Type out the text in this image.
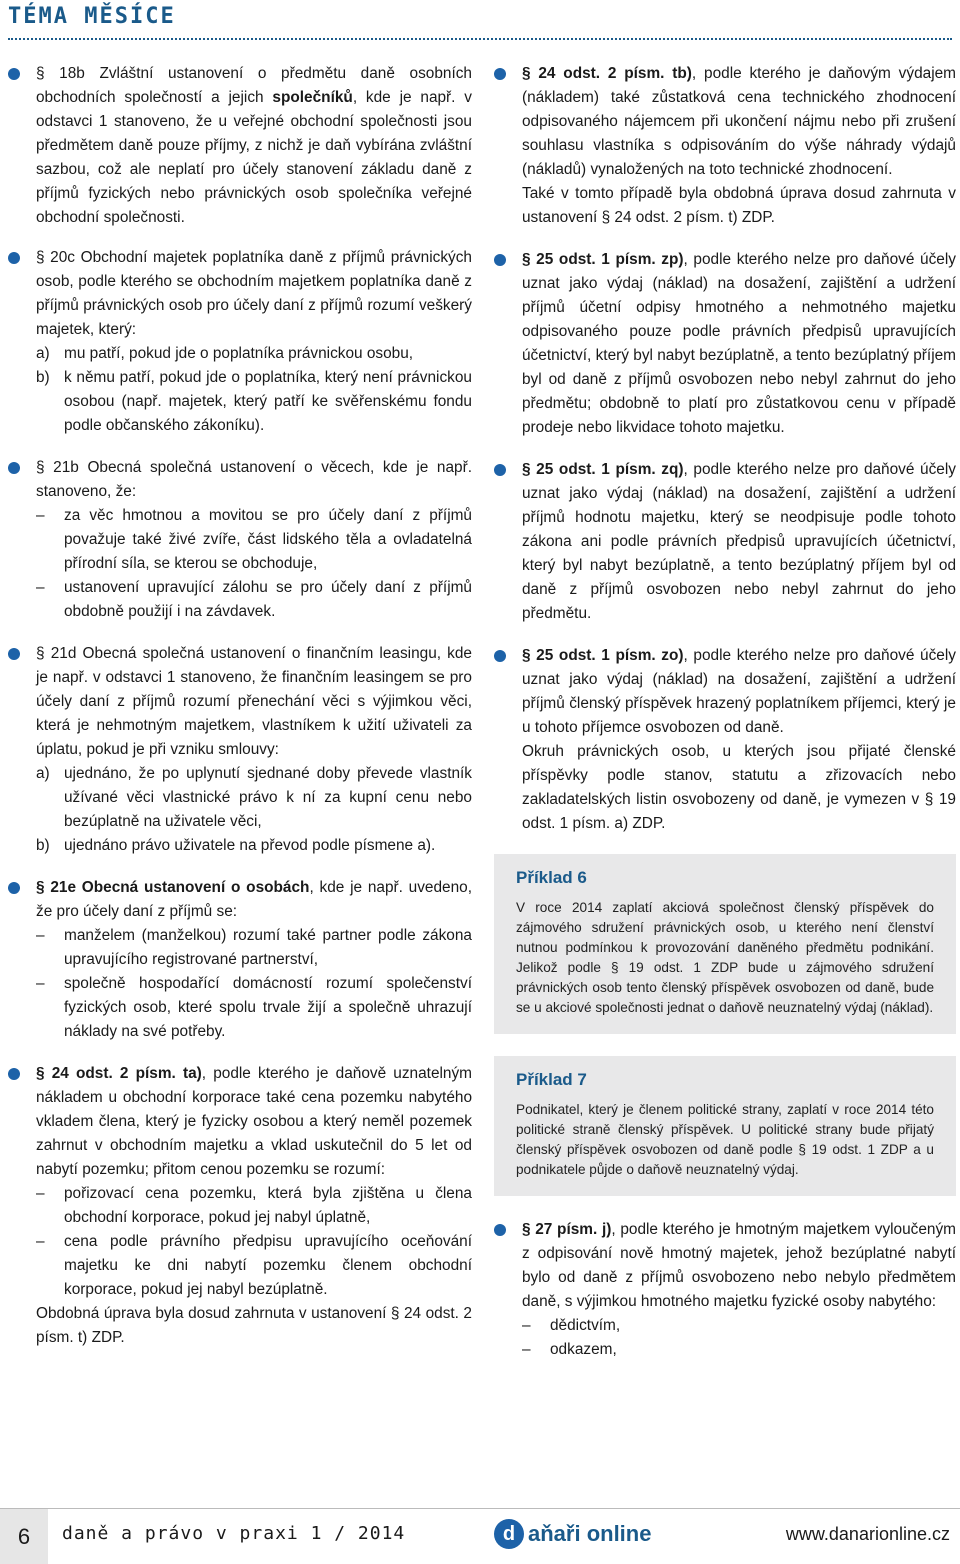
TÉMA MĚSÍCE

§ 18b Zvláštní ustanovení o předmětu daně osobních obchodních společností a jejich společníků, kde je např. v odstavci 1 stanoveno, že u veřejné obchodní společnosti jsou předmětem daně pouze příjmy, z nichž je daň vybírána zvláštní sazbou, což ale neplatí pro účely stanovení základu daně z příjmů fyzických nebo právnických osob společníka veřejné obchodní společnosti.

§ 20c Obchodní majetek poplatníka daně z příjmů právnických osob, podle kterého se obchodním majetkem poplatníka daně z příjmů právnických osob pro účely daní z příjmů rozumí veškerý majetek, který:

a) mu patří, pokud jde o poplatníka právnickou osobu,
b) k němu patří, pokud jde o poplatníka, který není právnickou osobou (např. majetek, který patří ke svěřenskému fondu podle občanského zákoníku).

§ 21b Obecná společná ustanovení o věcech, kde je např. stanoveno, že:

–	za věc hmotnou a movitou se pro účely daní z příjmů považuje také živé zvíře, část lidského těla a ovladatelná přírodní síla, se kterou se obchoduje,
–	ustanovení upravující zálohu se pro účely daní z příjmů obdobně použijí i na závdavek.

§ 21d Obecná společná ustanovení o finančním leasingu, kde je např. v odstavci 1 stanoveno, že finančním leasingem se pro účely daní z příjmů rozumí přenechání věci s výjimkou věci, která je nehmotným majetkem, vlastníkem k užití uživateli za úplatu, pokud je při vzniku smlouvy:

a) ujednáno, že po uplynutí sjednané doby převede vlastník užívané věci vlastnické právo k ní za kupní cenu nebo bezúplatně na uživatele věci,
b) ujednáno právo uživatele na převod podle písmene a).

§ 21e Obecná ustanovení o osobách, kde je např. uvedeno, že pro účely daní z příjmů se:

–	manželem (manželkou) rozumí také partner podle zákona upravujícího registrované partnerství,
–	společně hospodařící domácností rozumí společenství fyzických osob, které spolu trvale žijí a společně uhrazují náklady na své potřeby.

§ 24 odst. 2 písm. ta), podle kterého je daňově uznatelným nákladem u obchodní korporace také cena pozemku nabytého vkladem člena, který je fyzicky osobou a který neměl pozemek zahrnut v obchodním majetku a vklad uskutečnil do 5 let od nabytí pozemku; přitom cenou pozemku se rozumí:

–	pořizovací cena pozemku, která byla zjištěna u člena obchodní korporace, pokud jej nabyl úplatně,
–	cena podle právního předpisu upravujícího oceňování majetku ke dni nabytí pozemku členem obchodní korporace, pokud jej nabyl bezúplatně.

Obdobná úprava byla dosud zahrnuta v ustanovení § 24 odst. 2 písm. t) ZDP.

§ 24 odst. 2 písm. tb), podle kterého je daňovým výdajem (nákladem) také zůstatková cena technického zhodnocení odpisovaného nájemcem při ukončení nájmu nebo při zrušení souhlasu vlastníka s odpisováním do výše náhrady výdajů (nákladů) vynaložených na toto technické zhodnocení.

Také v tomto případě byla obdobná úprava dosud zahrnuta v ustanovení § 24 odst. 2 písm. t) ZDP.

§ 25 odst. 1 písm. zp), podle kterého nelze pro daňové účely uznat jako výdaj (náklad) na dosažení, zajištění a udržení příjmů účetní odpisy hmotného a nehmotného majetku odpisovaného pouze podle právních předpisů upravujících účetnictví, který byl nabyt bezúplatně, a tento bezúplatný příjem byl od daně z příjmů osvobozen nebo nebyl zahrnut do jeho předmětu; obdobně to platí pro zůstatkovou cenu v případě prodeje nebo likvidace tohoto majetku.

§ 25 odst. 1 písm. zq), podle kterého nelze pro daňové účely uznat jako výdaj (náklad) na dosažení, zajištění a udržení příjmů hodnotu majetku, který se neodpisuje podle tohoto zákona ani podle právních předpisů upravujících účetnictví, který byl nabyt bezúplatně, a tento bezúplatný příjem byl od daně z příjmů osvobozen nebo nebyl zahrnut do jeho předmětu.

§ 25 odst. 1 písm. zo), podle kterého nelze pro daňové účely uznat jako výdaj (náklad) na dosažení, zajištění a udržení příjmů členský příspěvek hrazený poplatníkem příjemci, který je u tohoto příjemce osvobozen od daně.

Okruh právnických osob, u kterých jsou přijaté členské příspěvky podle stanov, statutu a zřizovacích nebo zakladatelských listin osvobozeny od daně, je vymezen v § 19 odst. 1 písm. a) ZDP.

Příklad 6

V roce 2014 zaplatí akciová společnost členský příspěvek do zájmového sdružení právnických osob, u kterého není členství nutnou podmínkou k provozování daněného předmětu podnikání. Jelikož podle § 19 odst. 1 ZDP bude u zájmového sdružení právnických osob tento členský příspěvek osvobozen od daně, bude se u akciové společnosti jednat o daňově neuznatelný výdaj (náklad).

Příklad 7

Podnikatel, který je členem politické strany, zaplatí v roce 2014 této politické straně členský příspěvek. U politické strany bude přijatý členský příspěvek osvobozen od daně podle § 19 odst. 1 ZDP a u podnikatele půjde o daňově neuznatelný výdaj.

§ 27 písm. j), podle kterého je hmotným majetkem vyloučeným z odpisování nově hmotný majetek, jehož bezúplatné nabytí bylo od daně z příjmů osvobozeno nebo nebylo předmětem daně, s výjimkou hmotného majetku fyzické osoby nabytého:

–	dědictvím,
–	odkazem,
6	daně a právo v praxi 1 / 2014	d aňaři online	www.danarionline.cz
